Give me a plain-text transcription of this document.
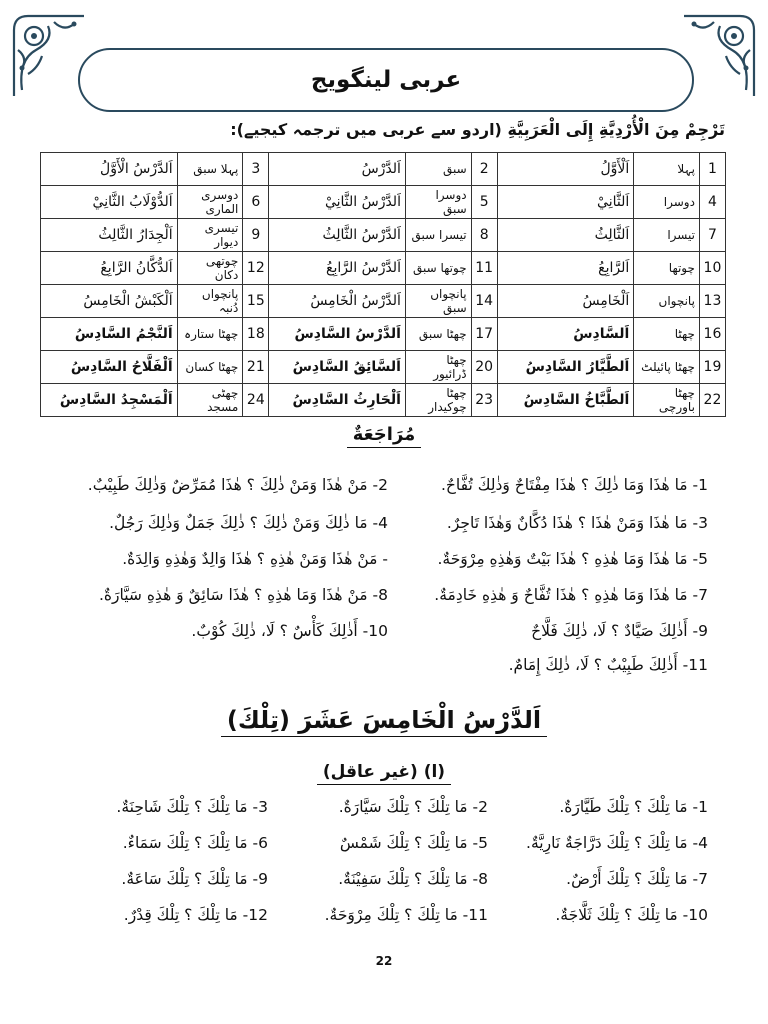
عربی لینگویج
تَرْجِمْ مِنَ الْأُرْدِيَّةِ إِلَى الْعَرَبِيَّةِ (اردو سے عربی میں ترجمہ کیجیے):
1	پہلا	اَلْأَوَّلُ	2	سبق	اَلدَّرْسُ	3	پہلا سبق	اَلدَّرْسُ الْأَوَّلُ
4	دوسرا	اَلثَّانِيْ	5	دوسرا سبق	اَلدَّرْسُ الثَّانِيْ	6	دوسری الماری	اَلدُّوْلَابُ الثَّانِيْ
7	تیسرا	اَلثَّالِثُ	8	تیسرا سبق	اَلدَّرْسُ الثَّالِثُ	9	تیسری دیوار	اَلْجِدَارُ الثَّالِثُ
10	چوتھا	اَلرَّابِعُ	11	چوتھا سبق	اَلدَّرْسُ الرَّابِعُ	12	چوتھی دکان	اَلدُّكَّانُ الرَّابِعُ
13	پانچواں	اَلْخَامِسُ	14	پانچواں سبق	اَلدَّرْسُ الْخَامِسُ	15	پانچواں دُنبہ	اَلْكَبْشُ الْخَامِسُ
16	چھٹا	اَلسَّادِسُ	17	چھٹا سبق	اَلدَّرْسُ السَّادِسُ	18	چھٹا ستارہ	اَلنَّجْمُ السَّادِسُ
19	چھٹا پائیلٹ	اَلطَّيَّارُ السَّادِسُ	20	چھٹا ڈرائیور	اَلسَّائِقُ السَّادِسُ	21	چھٹا کسان	اَلْفَلَّاحُ السَّادِسُ
22	چھٹا باورچی	اَلطَّبَّاخُ السَّادِسُ	23	چھٹا چوکیدار	اَلْحَارِثُ السَّادِسُ	24	چھٹی مسجد	اَلْمَسْجِدُ السَّادِسُ
مُرَاجَعَةٌ
1- مَا هٰذَا وَمَا ذٰلِكَ ؟ هٰذَا مِفْتَاحٌ وَذٰلِكَ تُفَّاحٌ.
2- مَنْ هٰذَا وَمَنْ ذٰلِكَ ؟ هٰذَا مُمَرِّضٌ وَذٰلِكَ طَبِيْبٌ.
3- مَا هٰذَا وَمَنْ هٰذَا ؟ هٰذَا دُكَّانٌ وَهٰذَا تَاجِرٌ.
4- مَا ذٰلِكَ وَمَنْ ذٰلِكَ ؟ ذٰلِكَ جَمَلٌ وَذٰلِكَ رَجُلٌ.
5- مَا هٰذَا وَمَا هٰذِهِ ؟ هٰذَا بَيْتٌ وَهٰذِهِ مِرْوَحَةٌ.
- مَنْ هٰذَا وَمَنْ هٰذِهِ ؟ هٰذَا وَالِدٌ وَهٰذِهِ وَالِدَةٌ.
7- مَا هٰذَا وَمَا هٰذِهِ ؟ هٰذَا تُفَّاحٌ وَ هٰذِهِ خَادِمَةٌ.
8- مَنْ هٰذَا وَمَا هٰذِهِ ؟ هٰذَا سَائِقٌ وَ هٰذِهِ سَيَّارَةٌ.
9- أَذٰلِكَ صَيَّادٌ ؟ لَا، ذٰلِكَ فَلَّاحٌ
10- أَذٰلِكَ كَأْسٌ ؟ لَا، ذٰلِكَ كُوْبٌ.
11- أَذٰلِكَ طَبِيْبٌ ؟ لَا، ذٰلِكَ إِمَامٌ.
اَلدَّرْسُ الْخَامِسَ عَشَرَ (تِلْكَ)
(ا) (غیر عاقل)
1- مَا تِلْكَ ؟ تِلْكَ طَيَّارَةٌ.
2- مَا تِلْكَ ؟ تِلْكَ سَيَّارَةٌ.
3- مَا تِلْكَ ؟ تِلْكَ شَاحِنَةٌ.
4- مَا تِلْكَ ؟ تِلْكَ دَرَّاجَةٌ نَارِيَّةٌ.
5- مَا تِلْكَ ؟ تِلْكَ شَمْسٌ
6- مَا تِلْكَ ؟ تِلْكَ سَمَاءٌ.
7- مَا تِلْكَ ؟ تِلْكَ أَرْضٌ.
8- مَا تِلْكَ ؟ تِلْكَ سَفِيْنَةٌ.
9- مَا تِلْكَ ؟ تِلْكَ سَاعَةٌ.
10- مَا تِلْكَ ؟ تِلْكَ ثَلَّاجَةٌ.
11- مَا تِلْكَ ؟ تِلْكَ مِرْوَحَةٌ.
12- مَا تِلْكَ ؟ تِلْكَ قِدْرٌ.
22
